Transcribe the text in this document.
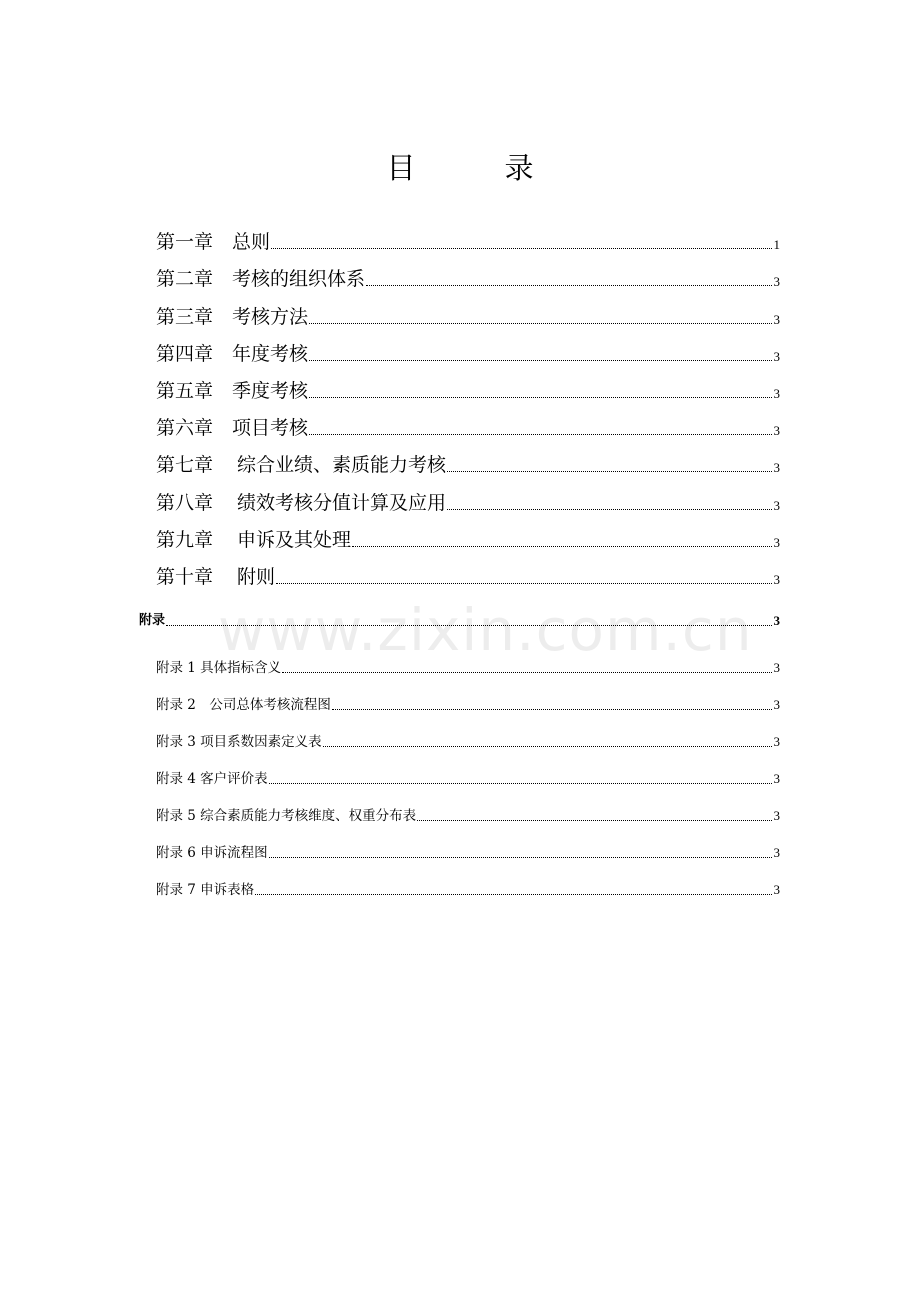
目　录
第一章 总则	1
第二章 考核的组织体系	3
第三章 考核方法	3
第四章 年度考核	3
第五章 季度考核	3
第六章 项目考核	3
第七章 综合业绩、素质能力考核	3
第八章 绩效考核分值计算及应用	3
第九章 申诉及其处理	3
第十章 附则	3
附录	3
附录 1 具体指标含义	3
附录 2　公司总体考核流程图	3
附录 3 项目系数因素定义表	3
附录 4 客户评价表	3
附录 5 综合素质能力考核维度、权重分布表	3
附录 6 申诉流程图	3
附录 7 申诉表格	3
www.zixin.com.cn
